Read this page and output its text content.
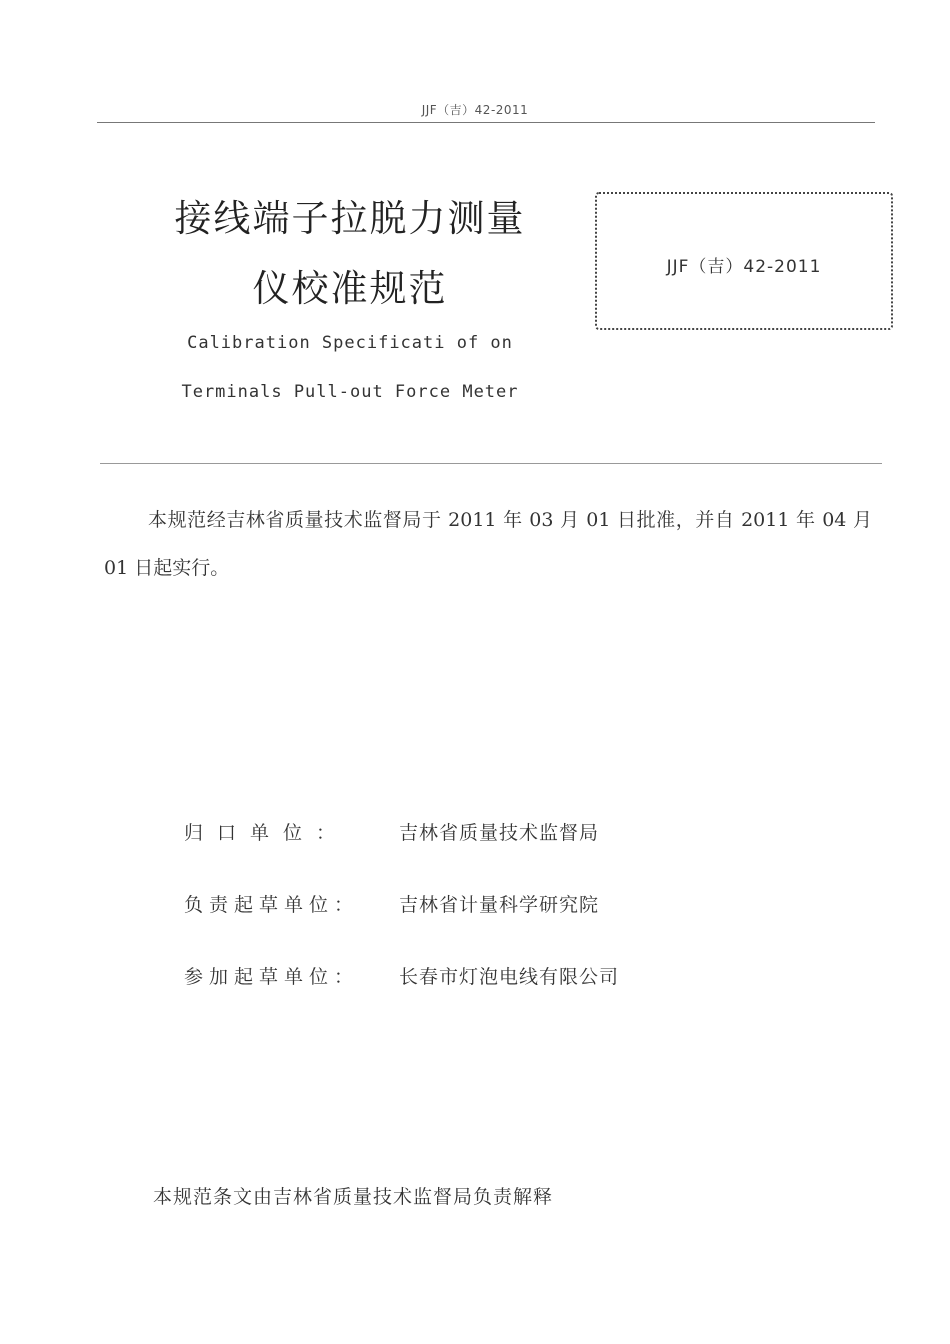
JJF（吉）42-2011
接线端子拉脱力测量
仪校准规范
Calibration Specificati of on
Terminals Pull-out Force Meter
JJF（吉）42-2011
本规范经吉林省质量技术监督局于 2011 年 03 月 01 日批准，并自 2011 年 04 月 01 日起实行。
归口单位：	吉林省质量技术监督局
负责起草单位： 吉林省计量科学研究院
参加起草单位： 长春市灯泡电线有限公司
本规范条文由吉林省质量技术监督局负责解释
